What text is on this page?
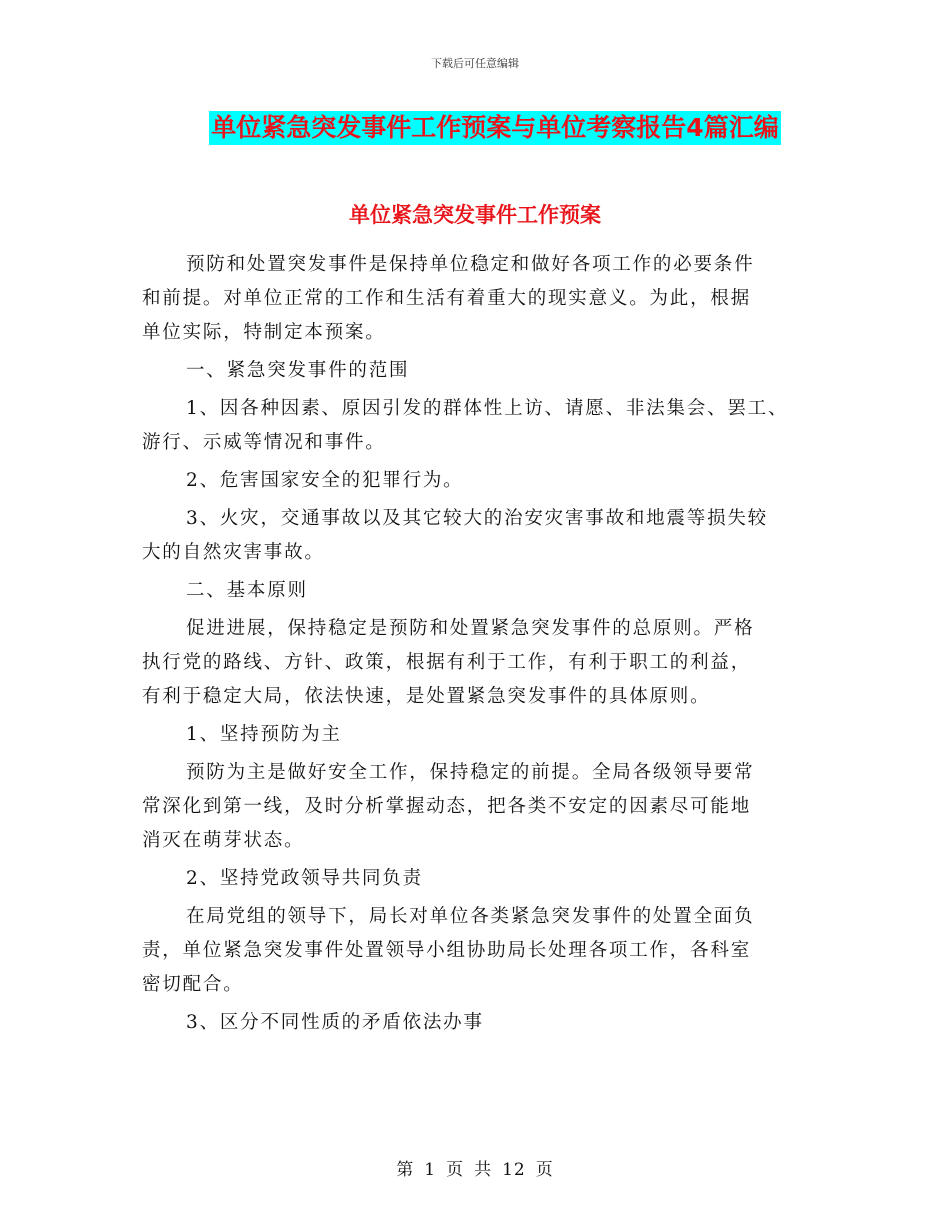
下载后可任意编辑
单位紧急突发事件工作预案与单位考察报告4篇汇编
单位紧急突发事件工作预案
预防和处置突发事件是保持单位稳定和做好各项工作的必要条件
和前提。对单位正常的工作和生活有着重大的现实意义。为此，根据
单位实际，特制定本预案。
一、紧急突发事件的范围
1、因各种因素、原因引发的群体性上访、请愿、非法集会、罢工、
游行、示威等情况和事件。
2、危害国家安全的犯罪行为。
3、火灾，交通事故以及其它较大的治安灾害事故和地震等损失较
大的自然灾害事故。
二、基本原则
促进进展，保持稳定是预防和处置紧急突发事件的总原则。严格
执行党的路线、方针、政策，根据有利于工作，有利于职工的利益，
有利于稳定大局，依法快速，是处置紧急突发事件的具体原则。
1、坚持预防为主
预防为主是做好安全工作，保持稳定的前提。全局各级领导要常
常深化到第一线，及时分析掌握动态，把各类不安定的因素尽可能地
消灭在萌芽状态。
2、坚持党政领导共同负责
在局党组的领导下，局长对单位各类紧急突发事件的处置全面负
责，单位紧急突发事件处置领导小组协助局长处理各项工作，各科室
密切配合。
3、区分不同性质的矛盾依法办事
第 1 页 共 12 页
